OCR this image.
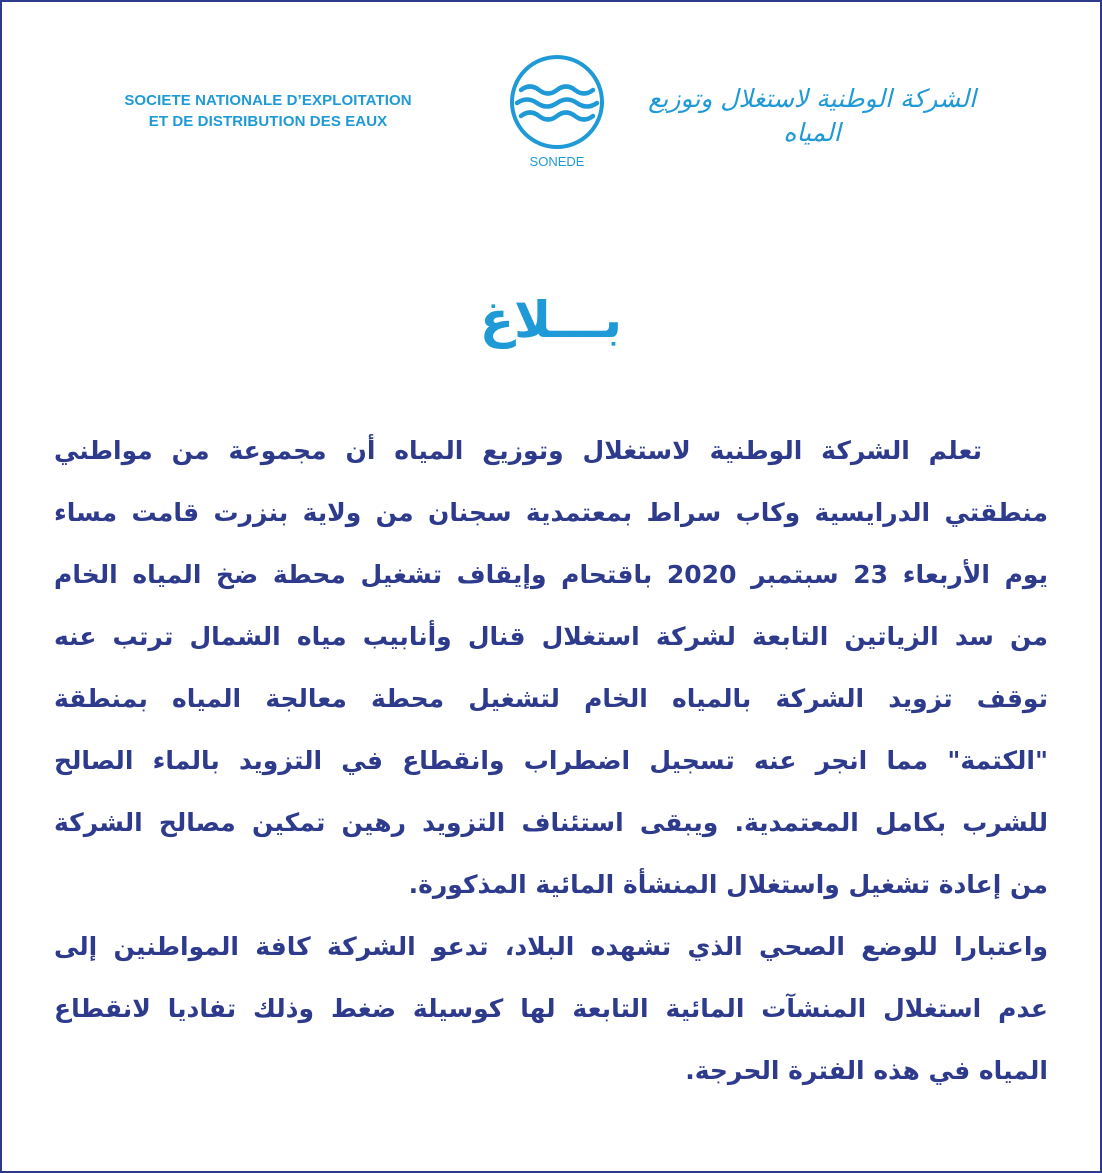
SOCIETE NATIONALE D’EXPLOITATION
ET DE DISTRIBUTION DES EAUX
SONEDE
الشركة الوطنية لاستغلال وتوزيع المياه
بـــلاغ
تعلم الشركة الوطنية لاستغلال وتوزيع المياه أن مجموعة من مواطني
منطقتي الدرايسية وكاب سراط بمعتمدية سجنان من ولاية بنزرت قامت مساء
يوم الأربعاء 23 سبتمبر 2020 باقتحام وإيقاف تشغيل محطة ضخ المياه الخام
من سد الزياتين التابعة لشركة استغلال قنال وأنابيب مياه الشمال ترتب عنه
توقف تزويد الشركة بالمياه الخام لتشغيل محطة معالجة المياه بمنطقة
"الكتمة" مما انجر عنه تسجيل اضطراب وانقطاع في التزويد بالماء الصالح
للشرب بكامل المعتمدية. ويبقى استئناف التزويد رهين تمكين مصالح الشركة
من إعادة تشغيل واستغلال المنشأة المائية المذكورة.
واعتبارا للوضع الصحي الذي تشهده البلاد، تدعو الشركة كافة المواطنين إلى
عدم استغلال المنشآت المائية التابعة لها كوسيلة ضغط وذلك تفاديا لانقطاع
المياه في هذه الفترة الحرجة.
